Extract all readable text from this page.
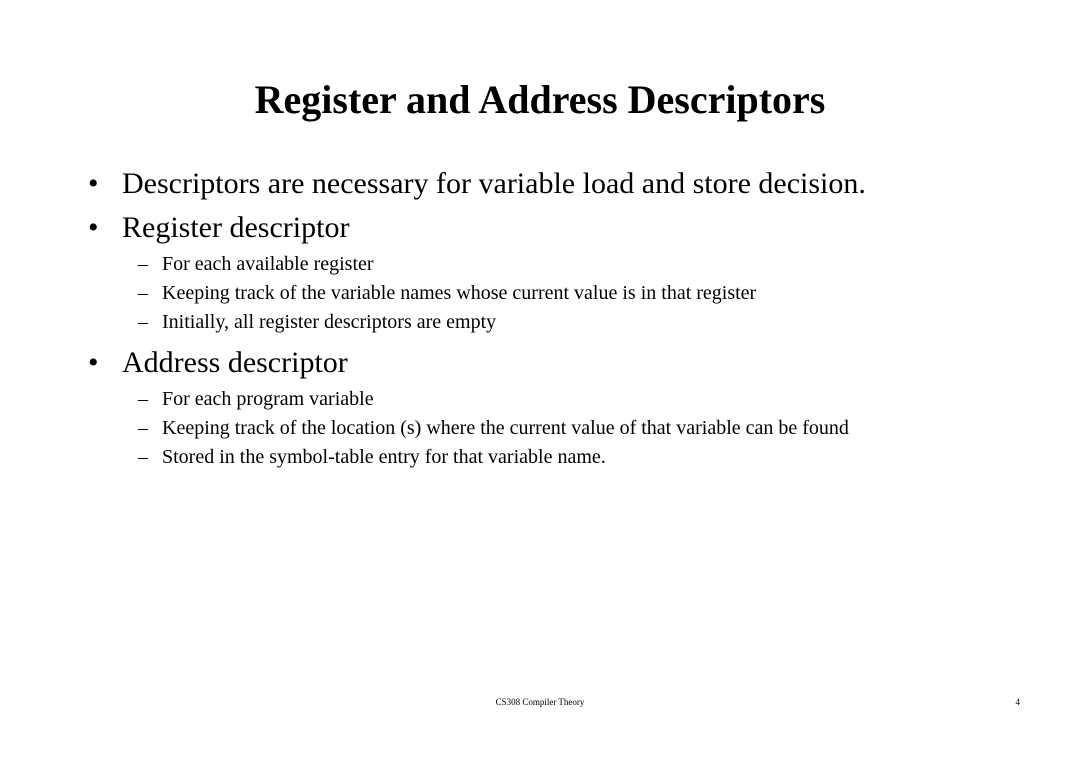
Register and Address Descriptors

• Descriptors are necessary for variable load and store decision.

• Register descriptor

– For each available register

– Keeping track of the variable names whose current value is in that register

– Initially, all register descriptors are empty

• Address descriptor

– For each program variable

– Keeping track of the location (s) where the current value of that variable can be found

– Stored in the symbol-table entry for that variable name.

CS308 Compiler Theory	4
